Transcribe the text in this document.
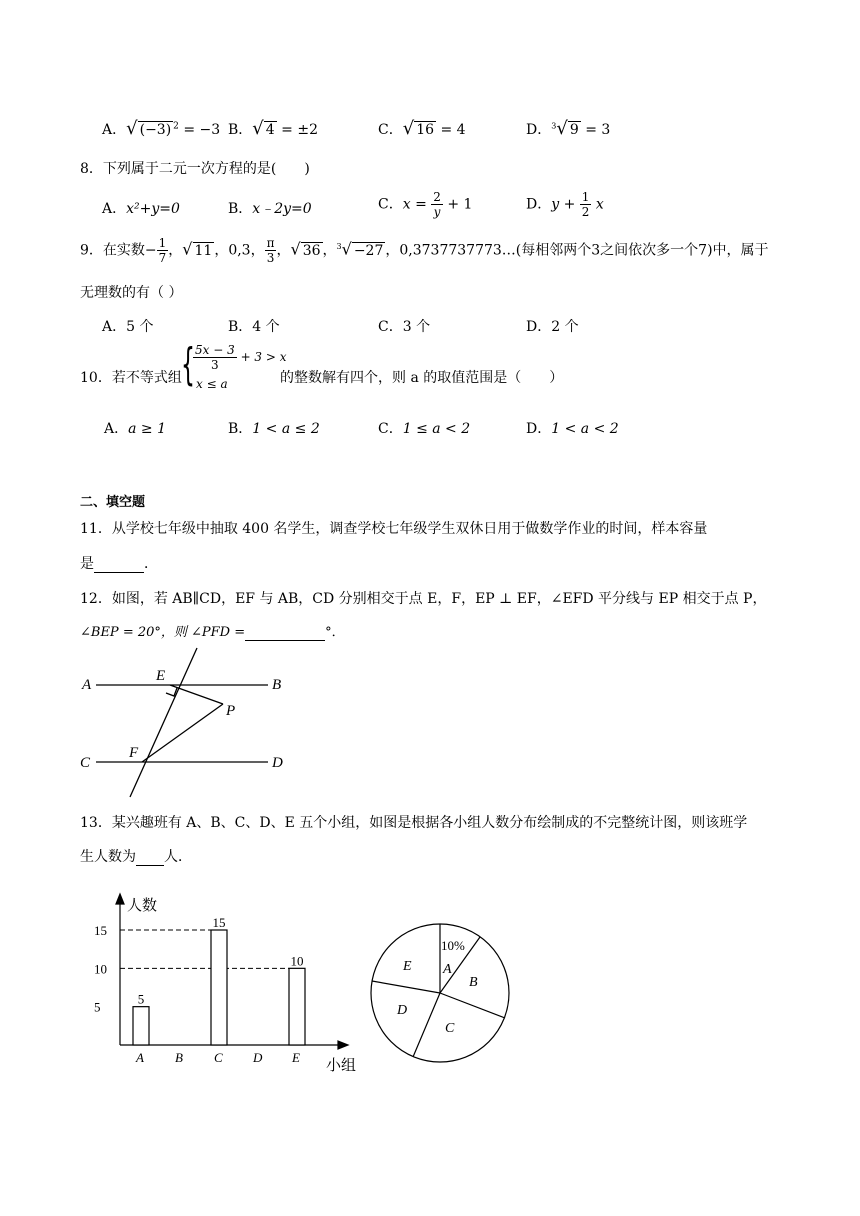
A．√ (−3) $^2$ = −3 B．√ 4 = ±2	C．√ 16 = 4	D．$^3$√ 9 = 3
8．下列属于二元一次方程的是(　　)
A．x²+y=0	B．x﹣2y=0	C．$x = \frac{2}{y} + 1$	D．$y + \frac{1}{2}$ x
9．在实数− $\frac{1}{7}$ ，√ 11 ，0,3， $\frac{\pi}{3}$ ，√ 36 ，$^3$√ −27 ，0,3737737773…(每相邻两个3之间依次多一个7)中，属于
无理数的有（ ）
A．5 个	B．4 个	C．3 个	D．2 个
10．若不等式组 {
$\frac{5x - 3}{3} + 3 > x$
x ≤ a	的整数解有四个，则 a 的取值范围是（　　）
A．a ≥ 1	B．1 < a ≤ 2	C．1 ≤ a < 2	D．1 < a < 2
二、填空题
11．从学校七年级中抽取 400 名学生，调查学校七年级学生双休日用于做数学作业的时间，样本容量
是	．
12．如图，若 AB∥CD，EF 与 AB，CD 分别相交于点 E，F，EP ⊥ EF，∠EFD 平分线与 EP 相交于点 P，
∠BEP = 20°，则 ∠PFD =	°．
A	B
C	D
E
F
P
13．某兴趣班有 A、B、C、D、E 五个小组，如图是根据各小组人数分布绘制成的不完整统计图，则该班学
生人数为 人．
5
10
15
5
15
10
A B C D E
人数
小组
A
B
C
D
E
10%
